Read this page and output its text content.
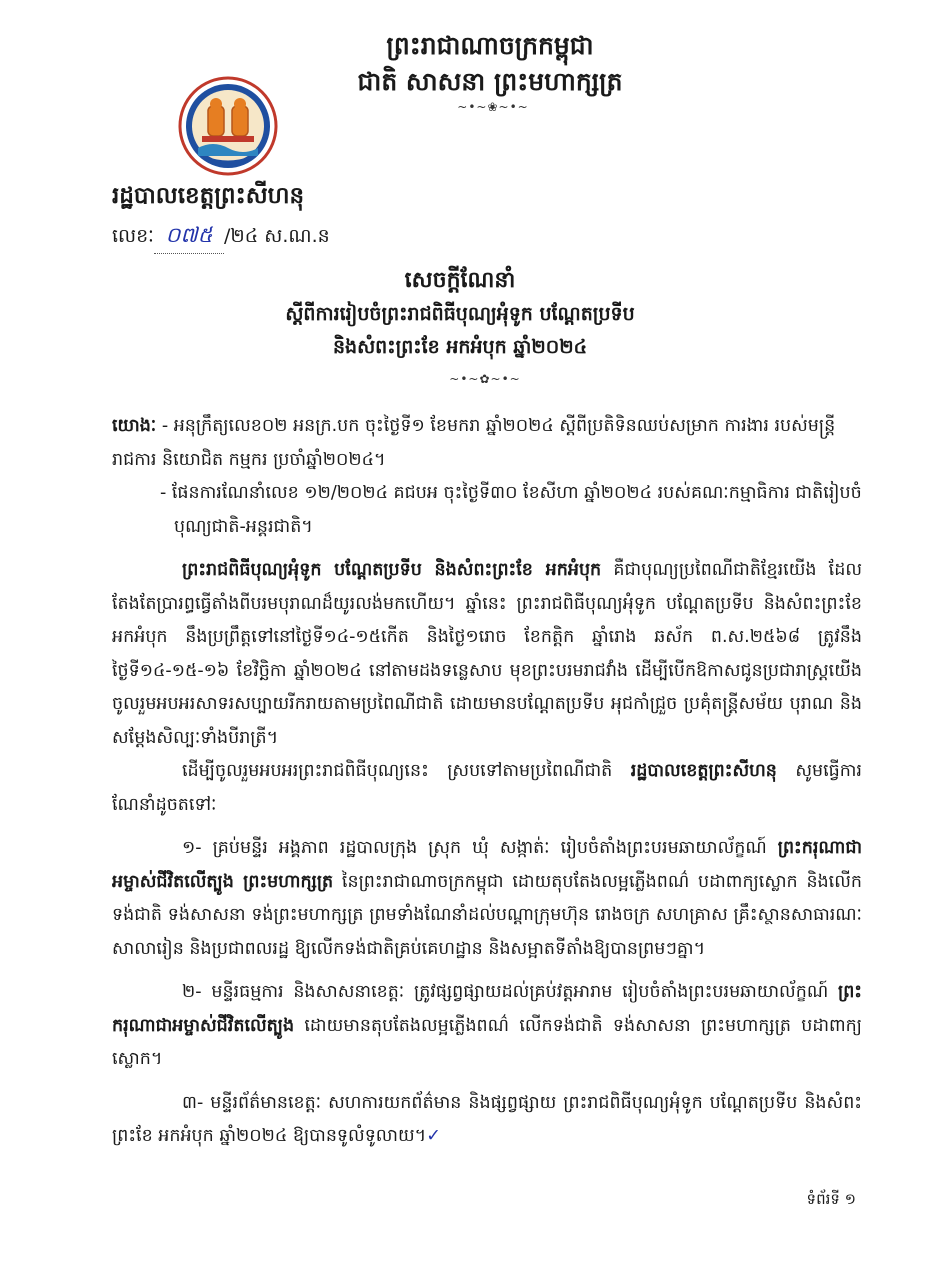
ព្រះរាជាណាចក្រកម្ពុជា
ជាតិ សាសនា ព្រះមហាក្សត្រ
~•~❀~•~
រដ្ឋបាលខេត្តព្រះសីហនុ
លេខៈ ០៧៥ /២៤ ស.ណ.ន
សេចក្តីណែនាំ
ស្តីពីការរៀបចំព្រះរាជពិធីបុណ្យអុំទូក បណ្តែតប្រទីប
និងសំពះព្រះខែ អកអំបុក ឆ្នាំ២០២៤
~•~✿~•~
យោងៈ - អនុក្រឹត្យលេខ០២ អនក្រ.បក ចុះថ្ងៃទី១ ខែមករា ឆ្នាំ២០២៤ ស្តីពីប្រតិទិនឈប់សម្រាក ការងារ របស់មន្ត្រីរាជការ និយោជិត កម្មករ ប្រចាំឆ្នាំ២០២៤។
- ផែនការណែនាំលេខ ១២/២០២៤ គជបអ ចុះថ្ងៃទី៣០ ខែសីហា ឆ្នាំ២០២៤ របស់គណៈកម្មាធិការ ជាតិរៀបចំបុណ្យជាតិ-អន្តរជាតិ។

ព្រះរាជពិធីបុណ្យអុំទូក បណ្តែតប្រទីប និងសំពះព្រះខែ អកអំបុក គឺជាបុណ្យប្រពៃណីជាតិខ្មែរយើង ដែលតែងតែប្រារព្ធធ្វើតាំងពីបរមបុរាណដ៏យូរលង់មកហើយ។ ឆ្នាំនេះ ព្រះរាជពិធីបុណ្យអុំទូក បណ្តែតប្រទីប និងសំពះព្រះខែ អកអំបុក នឹងប្រព្រឹត្តទៅនៅថ្ងៃទី១៤-១៥កើត និងថ្ងៃ១រោច ខែកត្តិក ឆ្នាំរោង ឆស័ក ព.ស.២៥៦៨ ត្រូវនឹងថ្ងៃទី១៤-១៥-១៦ ខែវិច្ឆិកា ឆ្នាំ២០២៤ នៅតាមដងទន្លេសាប មុខព្រះបរមរាជវាំង ដើម្បីបើកឱកាសជូនប្រជារាស្រ្តយើងចូលរួមអបអរសាទរសប្បាយរីករាយតាមប្រពៃណីជាតិ ដោយមានបណ្តែតប្រទីប អុជកាំជ្រួច ប្រគុំតន្ត្រីសម័យ បុរាណ និងសម្តែងសិល្បៈទាំងបីរាត្រី។

ដើម្បីចូលរួមអបអរព្រះរាជពិធីបុណ្យនេះ ស្របទៅតាមប្រពៃណីជាតិ រដ្ឋបាលខេត្តព្រះសីហនុ សូមធ្វើការណែនាំដូចតទៅៈ

១- គ្រប់មន្ទីរ អង្គភាព រដ្ឋបាលក្រុង ស្រុក ឃុំ សង្កាត់ៈ រៀបចំតាំងព្រះបរមឆាយាល័ក្ខណ៍ ព្រះករុណាជាអម្ចាស់ជីវិតលើត្បូង ព្រះមហាក្សត្រ នៃព្រះរាជាណាចក្រកម្ពុជា ដោយតុបតែងលម្អភ្លើងពណ៌ បដាពាក្យស្លោក និងលើកទង់ជាតិ ទង់សាសនា ទង់ព្រះមហាក្សត្រ ព្រមទាំងណែនាំដល់បណ្តាក្រុមហ៊ុន រោងចក្រ សហគ្រាស គ្រឹះស្ថានសាធារណៈ សាលារៀន និងប្រជាពលរដ្ឋ ឱ្យលើកទង់ជាតិគ្រប់គេហដ្ឋាន និងសម្អាតទីតាំងឱ្យបានព្រមៗគ្នា។

២- មន្ទីរធម្មការ និងសាសនាខេត្តៈ ត្រូវផ្សព្វផ្សាយដល់គ្រប់វត្តអារាម រៀបចំតាំងព្រះបរមឆាយាល័ក្ខណ៍ ព្រះករុណាជាអម្ចាស់ជីវិតលើត្បូង ដោយមានតុបតែងលម្អភ្លើងពណ៌ លើកទង់ជាតិ ទង់សាសនា ព្រះមហាក្សត្រ បដាពាក្យស្លោក។

៣- មន្ទីរព័ត៌មានខេត្តៈ សហការយកព័ត៌មាន និងផ្សព្វផ្សាយ ព្រះរាជពិធីបុណ្យអុំទូក បណ្តែតប្រទីប និងសំពះព្រះខែ អកអំបុក ឆ្នាំ២០២៤ ឱ្យបានទូលំទូលាយ។✓

ទំព័រទី ១
